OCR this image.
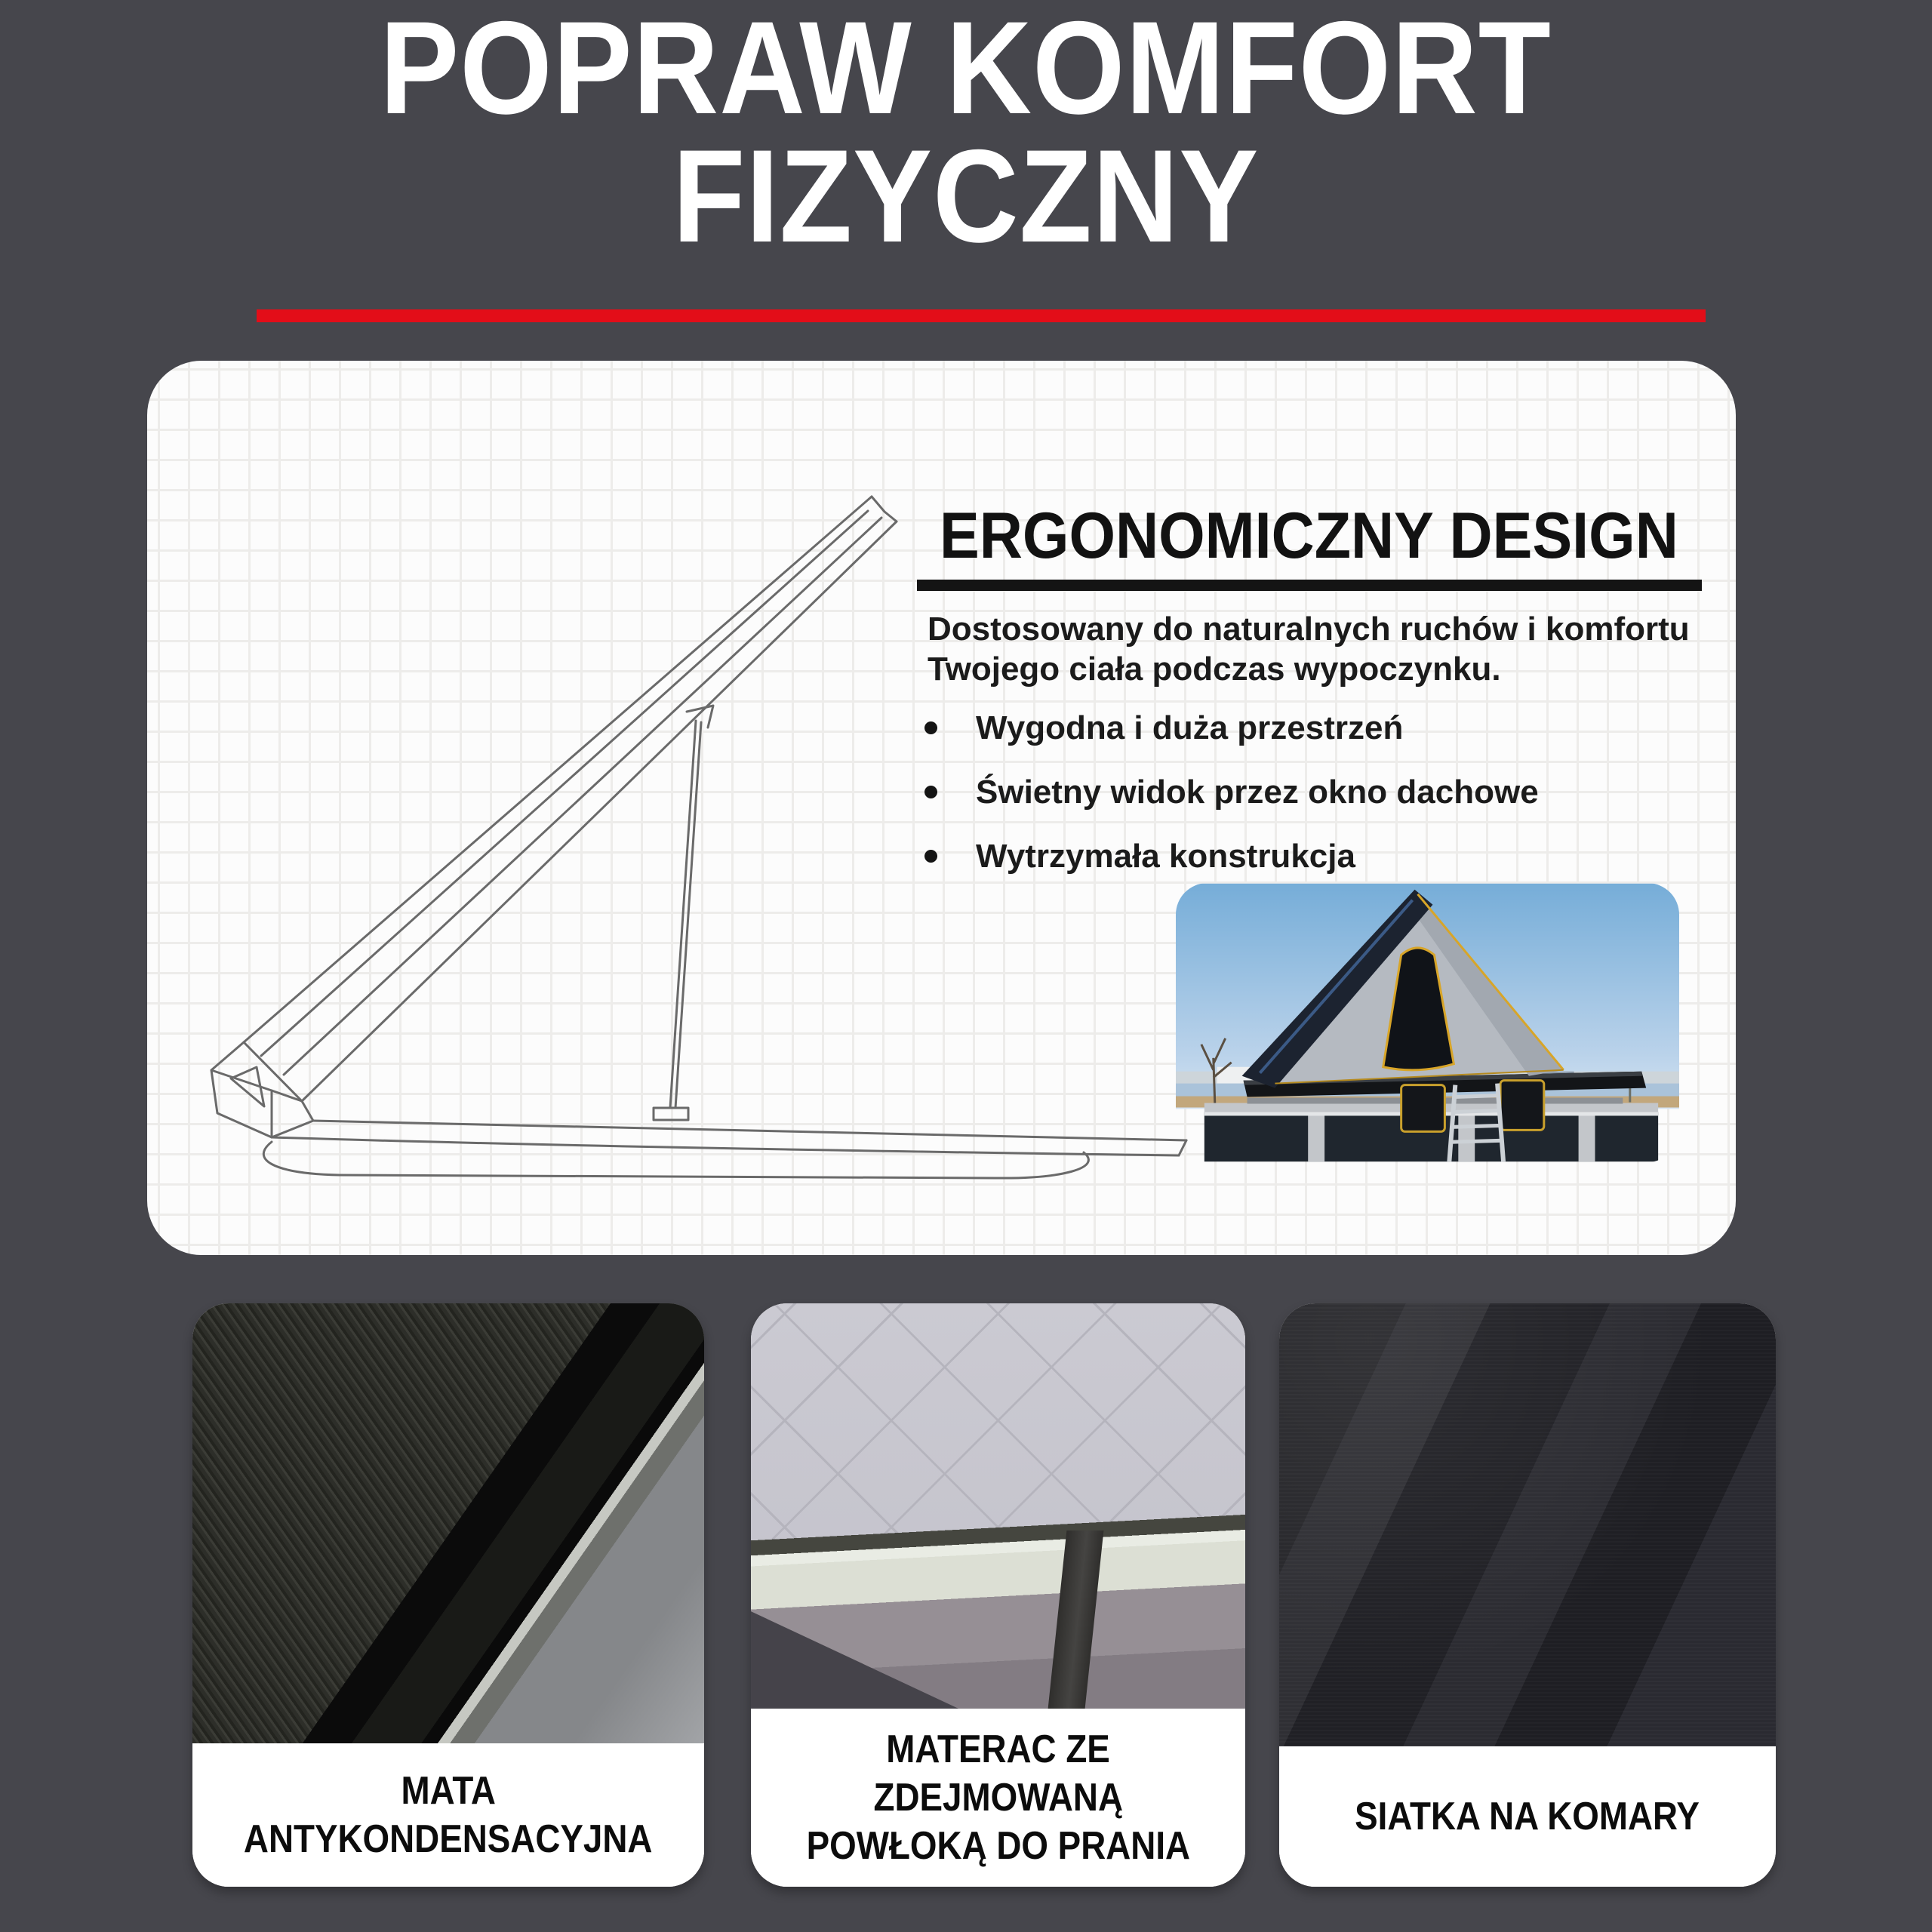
POPRAW KOMFORT
FIZYCZNY
ERGONOMICZNY DESIGN
Dostosowany do naturalnych ruchów i komfortu
Twojego ciała podczas wypoczynku.
Wygodna i duża przestrzeń
Świetny widok przez okno dachowe
Wytrzymała konstrukcja
MATA
ANTYKONDENSACYJNA
MATERAC ZE
ZDEJMOWANĄ
POWŁOKĄ DO PRANIA
SIATKA NA KOMARY
